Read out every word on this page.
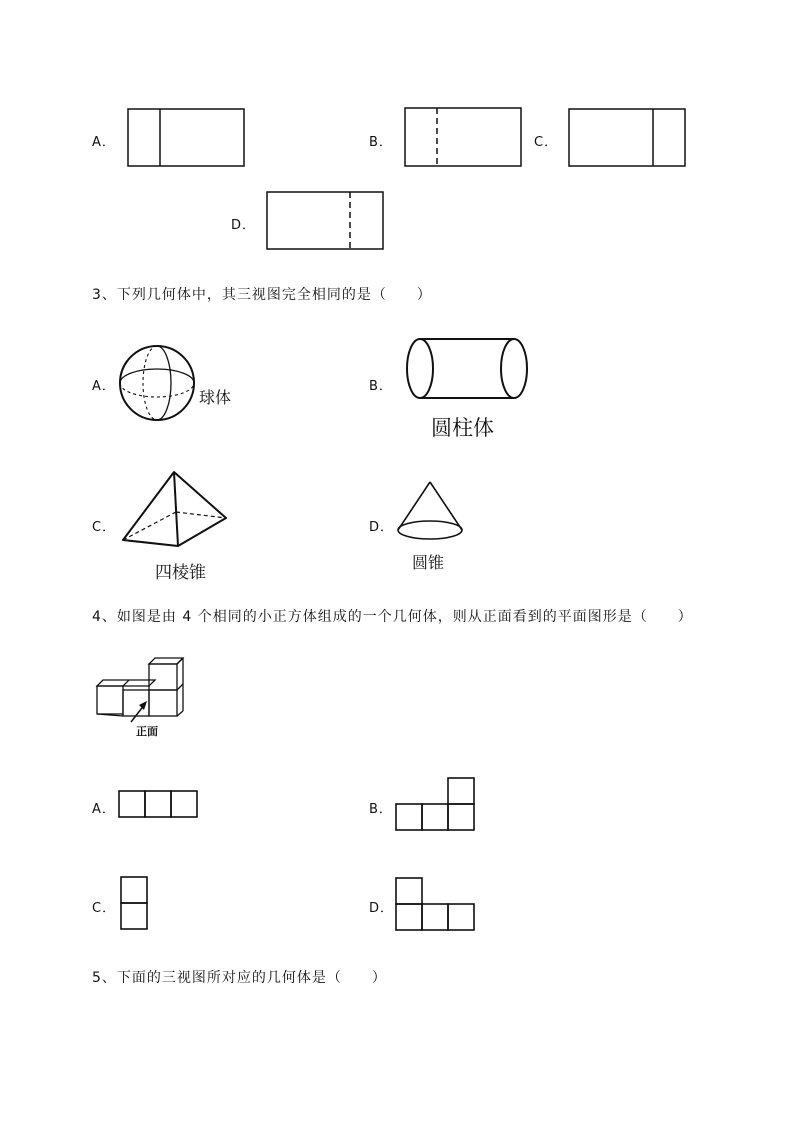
A．	B．	C．
D．
3、下列几何体中，其三视图完全相同的是（　　）
A．
球体
B．
圆柱体
C．
四棱锥
D．
圆锥
4、如图是由 4 个相同的小正方体组成的一个几何体，则从正面看到的平面图形是（　　）
正面
A．	B．
C．	D．
5、下面的三视图所对应的几何体是（　　）
